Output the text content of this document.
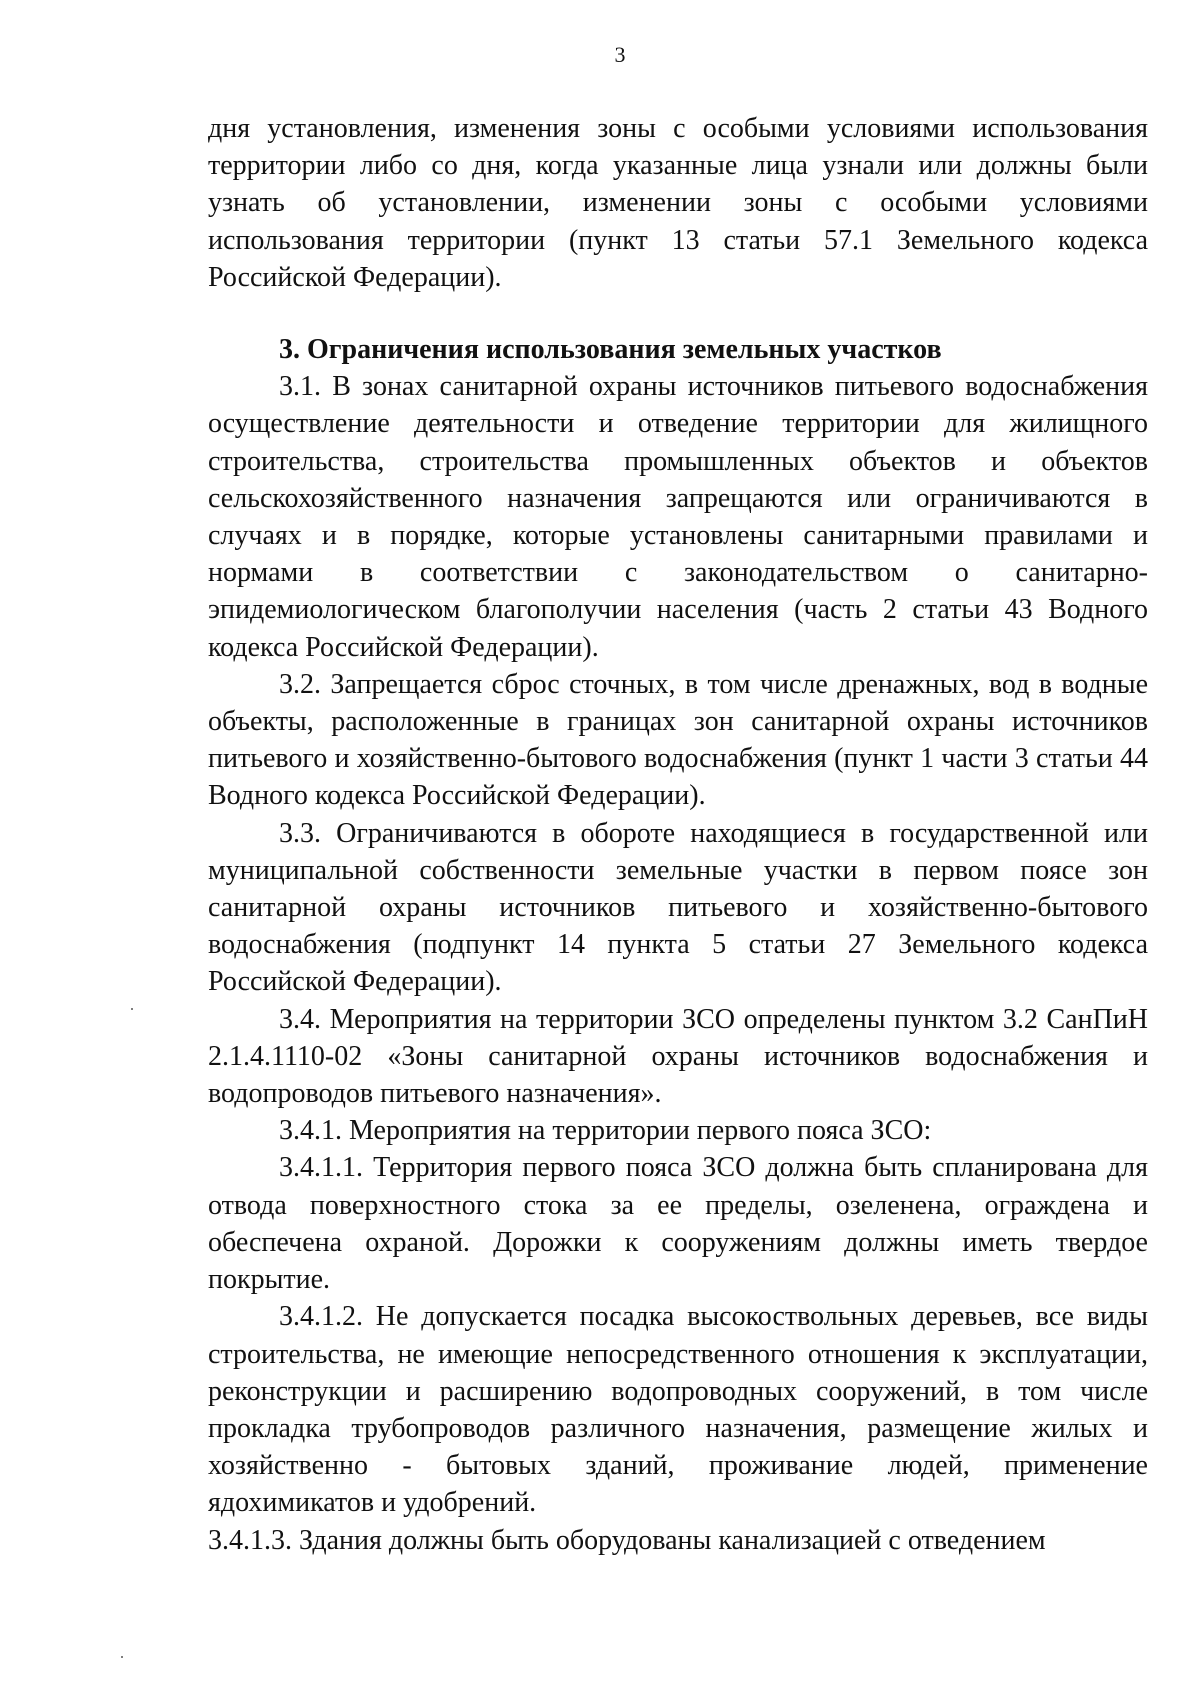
3

дня установления, изменения зоны с особыми условиями использования территории либо со дня, когда указанные лица узнали или должны были узнать об установлении, изменении зоны с особыми условиями использования территории (пункт 13 статьи 57.1 Земельного кодекса Российской Федерации).

3. Ограничения использования земельных участков

3.1. В зонах санитарной охраны источников питьевого водоснабжения осуществление деятельности и отведение территории для жилищного строительства, строительства промышленных объектов и объектов сельскохозяйственного назначения запрещаются или ограничиваются в случаях и в порядке, которые установлены санитарными правилами и нормами в соответствии с законодательством о санитарно-эпидемиологическом благополучии населения (часть 2 статьи 43 Водного кодекса Российской Федерации).

3.2. Запрещается сброс сточных, в том числе дренажных, вод в водные объекты, расположенные в границах зон санитарной охраны источников питьевого и хозяйственно-бытового водоснабжения (пункт 1 части 3 статьи 44 Водного кодекса Российской Федерации).

3.3. Ограничиваются в обороте находящиеся в государственной или муниципальной собственности земельные участки в первом поясе зон санитарной охраны источников питьевого и хозяйственно-бытового водоснабжения (подпункт 14 пункта 5 статьи 27 Земельного кодекса Российской Федерации).

3.4. Мероприятия на территории ЗСО определены пунктом 3.2 СанПиН 2.1.4.1110-02 «Зоны санитарной охраны источников водоснабжения и водопроводов питьевого назначения».

3.4.1. Мероприятия на территории первого пояса ЗСО:

3.4.1.1. Территория первого пояса ЗСО должна быть спланирована для отвода поверхностного стока за ее пределы, озеленена, ограждена и обеспечена охраной. Дорожки к сооружениям должны иметь твердое покрытие.

3.4.1.2. Не допускается посадка высокоствольных деревьев, все виды строительства, не имеющие непосредственного отношения к эксплуатации, реконструкции и расширению водопроводных сооружений, в том числе прокладка трубопроводов различного назначения, размещение жилых и хозяйственно - бытовых зданий, проживание людей, применение ядохимикатов и удобрений.

3.4.1.3. Здания должны быть оборудованы канализацией с отведением
